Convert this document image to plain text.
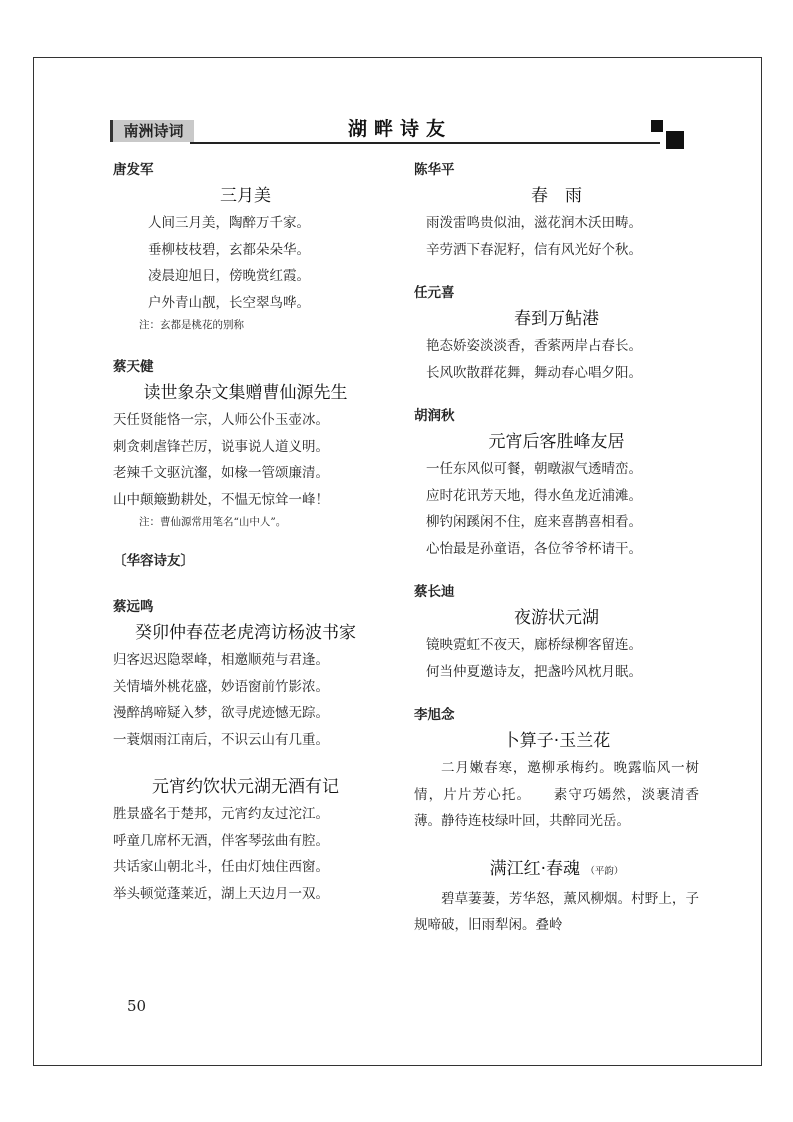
南洲诗词	湖畔诗友
唐发军
三月美
人间三月美，陶醉万千家。
垂柳枝枝碧，玄都朵朵华。
凌晨迎旭日，傍晚赏红霞。
户外青山靓，长空翠鸟哗。
注：玄都是桃花的别称
蔡天健
读世象杂文集赠曹仙源先生
天任贤能恪一宗，人师公仆玉壶冰。
刺贪刺虐锋芒厉，说事说人道义明。
老辣千文驱沆瀣，如椽一管颂廉清。
山中颠簸勤耕处，不愠无惊耸一峰！
注：曹仙源常用笔名“山中人”。
〔华容诗友〕
蔡远鸣
癸卯仲春莅老虎湾访杨波书家
归客迟迟隐翠峰，相邀顺苑与君逢。
关情墙外桃花盛，妙语窗前竹影浓。
漫醉鸪啼疑入梦，欲寻虎迹憾无踪。
一蓑烟雨江南后，不识云山有几重。
元宵约饮状元湖无酒有记
胜景盛名于楚邦，元宵约友过沱江。
呼童几席杯无酒，伴客琴弦曲有腔。
共话家山朝北斗，任由灯烛住西窗。
举头顿觉蓬莱近，湖上天边月一双。
陈华平
春　雨
雨泼雷鸣贵似油，滋花润木沃田畴。
辛劳洒下春泥籽，信有风光好个秋。
任元喜
春到万鲇港
艳态娇姿淡淡香，香萦两岸占春长。
长风吹散群花舞，舞动春心唱夕阳。
胡润秋
元宵后客胜峰友居
一任东风似可餐，朝暾淑气透晴峦。
应时花讯芳天地，得水鱼龙近浦滩。
柳钓闲蹊闲不住，庭来喜鹊喜相看。
心怡最是孙童语，各位爷爷杯请干。
蔡长迪
夜游状元湖
镜映霓虹不夜天，廊桥绿柳客留连。
何当仲夏邀诗友，把盏吟风枕月眠。
李旭念
卜算子·玉兰花
二月嫩春寒，邀柳承梅约。晚露临风一树情，片片芳心托。　　素守巧嫣然，淡裹清香薄。静待连枝绿叶回，共醉同光岳。
满江红·春魂 （平韵）
碧草萋萋，芳华怒，薰风柳烟。村野上，子规啼破，旧雨犁闲。叠岭
50
